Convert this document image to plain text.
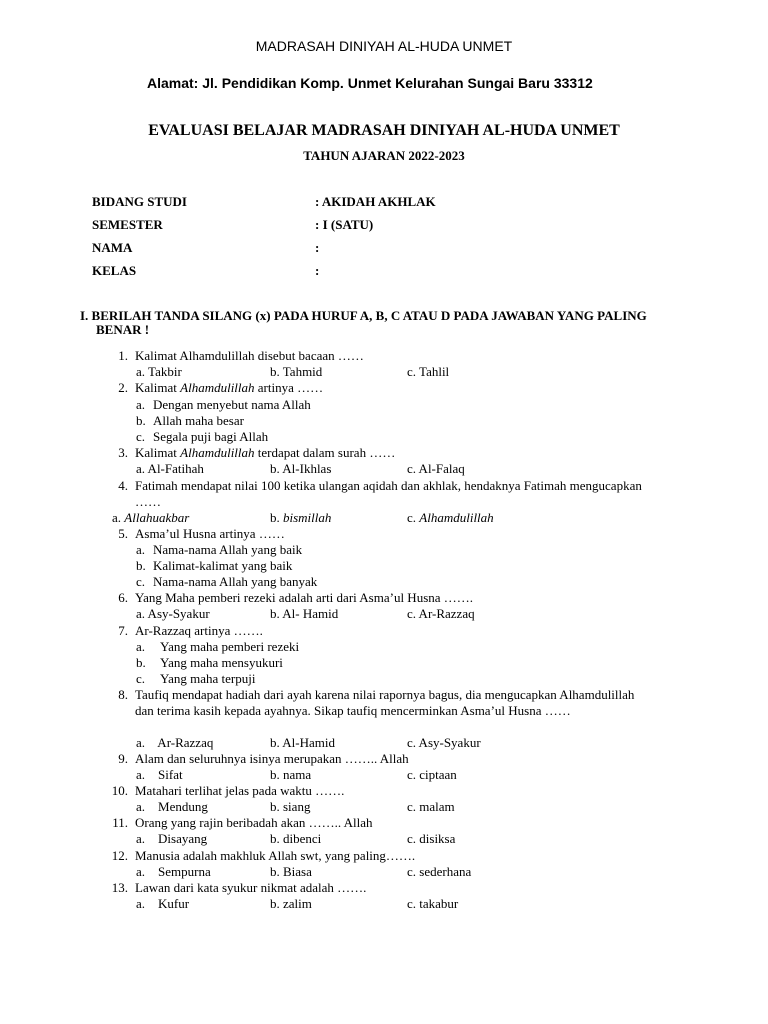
MADRASAH DINIYAH AL-HUDA UNMET
Alamat: Jl. Pendidikan Komp. Unmet Kelurahan Sungai Baru 33312
EVALUASI BELAJAR MADRASAH DINIYAH AL-HUDA UNMET
TAHUN AJARAN 2022-2023
BIDANG STUDI	: AKIDAH AKHLAK
SEMESTER	: I (SATU)
NAMA	:
KELAS	:
I. BERILAH TANDA SILANG (x) PADA HURUF A, B, C ATAU D PADA JAWABAN YANG PALING BENAR !
1. Kalimat Alhamdulillah disebut bacaan ……
a. Takbir	b. Tahmid	c. Tahlil
2. Kalimat Alhamdulillah artinya ……
a. Dengan menyebut nama Allah
b. Allah maha besar
c. Segala puji bagi Allah
3. Kalimat Alhamdulillah terdapat dalam surah ……
a. Al-Fatihah	b. Al-Ikhlas	c. Al-Falaq
4. Fatimah mendapat nilai 100 ketika ulangan aqidah dan akhlak, hendaknya Fatimah mengucapkan ……
a. Allahuakbar	b. bismillah	c. Alhamdulillah
5. Asma’ul Husna artinya ……
a. Nama-nama Allah yang baik
b. Kalimat-kalimat yang baik
c. Nama-nama Allah yang banyak
6. Yang Maha pemberi rezeki adalah arti dari Asma’ul Husna …….
a. Asy-Syakur	b. Al- Hamid	c. Ar-Razzaq
7. Ar-Razzaq artinya …….
a.	Yang maha pemberi rezeki
b.	Yang maha mensyukuri
c.	Yang maha terpuji
8. Taufiq mendapat hadiah dari ayah karena nilai rapornya bagus, dia mengucapkan Alhamdulillah dan terima kasih kepada ayahnya. Sikap taufiq mencerminkan Asma’ul Husna ……
a.    Ar-Razzaq	b. Al-Hamid	c. Asy-Syakur
9. Alam dan seluruhnya isinya merupakan …….. Allah
a.    Sifat	b. nama	c. ciptaan
10. Matahari terlihat jelas pada waktu …….
a.    Mendung	b. siang	c. malam
11. Orang yang rajin beribadah akan …….. Allah
a.    Disayang	b. dibenci	c. disiksa
12. Manusia adalah makhluk Allah swt, yang paling…….
a.    Sempurna	b. Biasa	c. sederhana
13. Lawan dari kata syukur nikmat adalah …….
a.    Kufur	b. zalim	c. takabur
